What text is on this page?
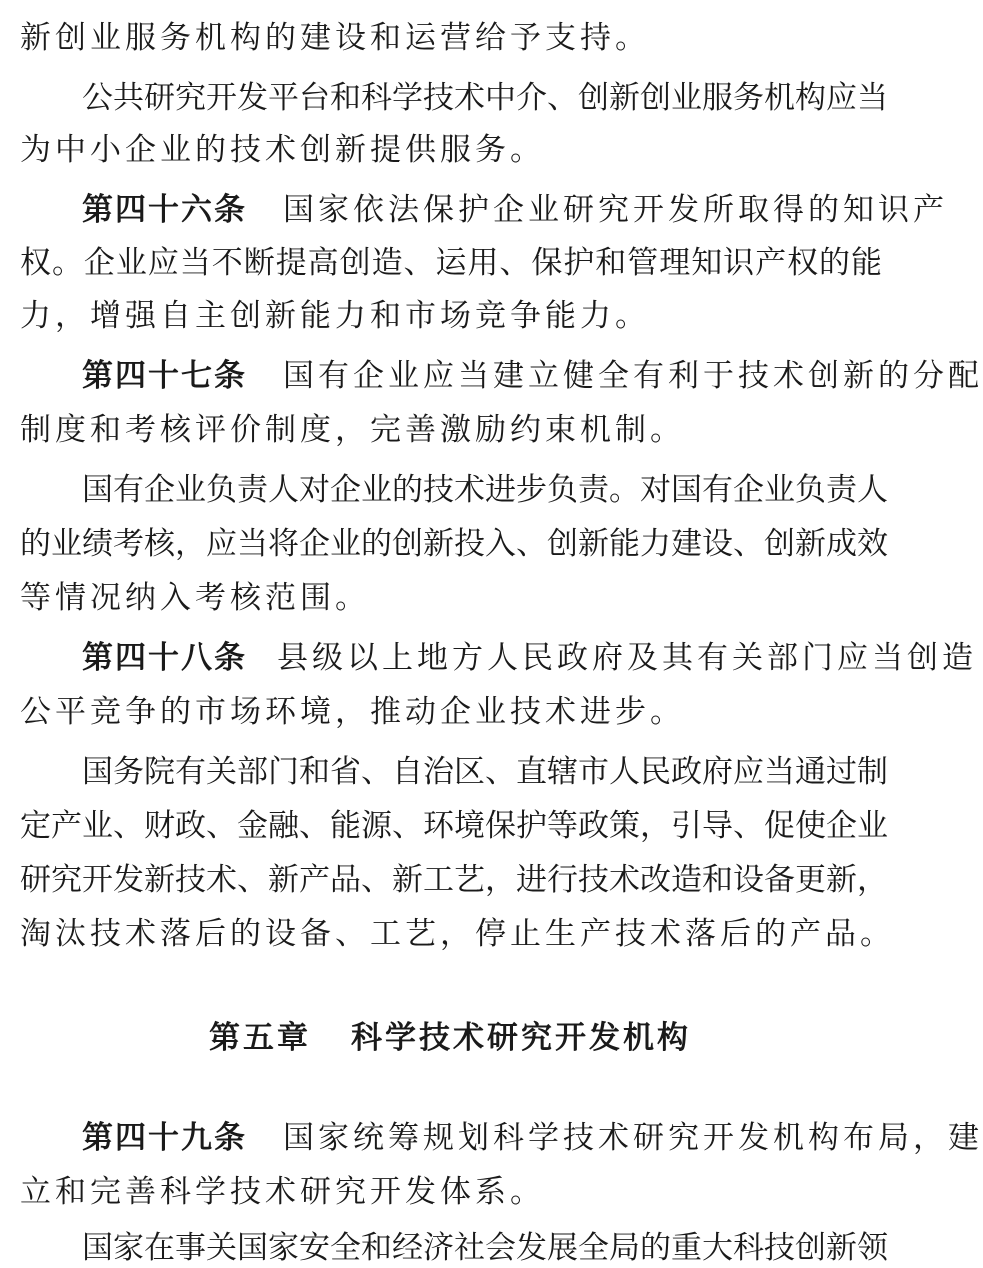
新创业服务机构的建设和运营给予支持。
公共研究开发平台和科学技术中介、创新创业服务机构应当
为中小企业的技术创新提供服务。
第四十六条 国家依法保护企业研究开发所取得的知识产
权。企业应当不断提高创造、运用、保护和管理知识产权的能
力，增强自主创新能力和市场竞争能力。
第四十七条 国有企业应当建立健全有利于技术创新的分配
制度和考核评价制度，完善激励约束机制。
国有企业负责人对企业的技术进步负责。对国有企业负责人
的业绩考核，应当将企业的创新投入、创新能力建设、创新成效
等情况纳入考核范围。
第四十八条 县级以上地方人民政府及其有关部门应当创造
公平竞争的市场环境，推动企业技术进步。
国务院有关部门和省、自治区、直辖市人民政府应当通过制
定产业、财政、金融、能源、环境保护等政策，引导、促使企业
研究开发新技术、新产品、新工艺，进行技术改造和设备更新，
淘汰技术落后的设备、工艺，停止生产技术落后的产品。
第五章 科学技术研究开发机构
第四十九条 国家统筹规划科学技术研究开发机构布局，建
立和完善科学技术研究开发体系。
国家在事关国家安全和经济社会发展全局的重大科技创新领
